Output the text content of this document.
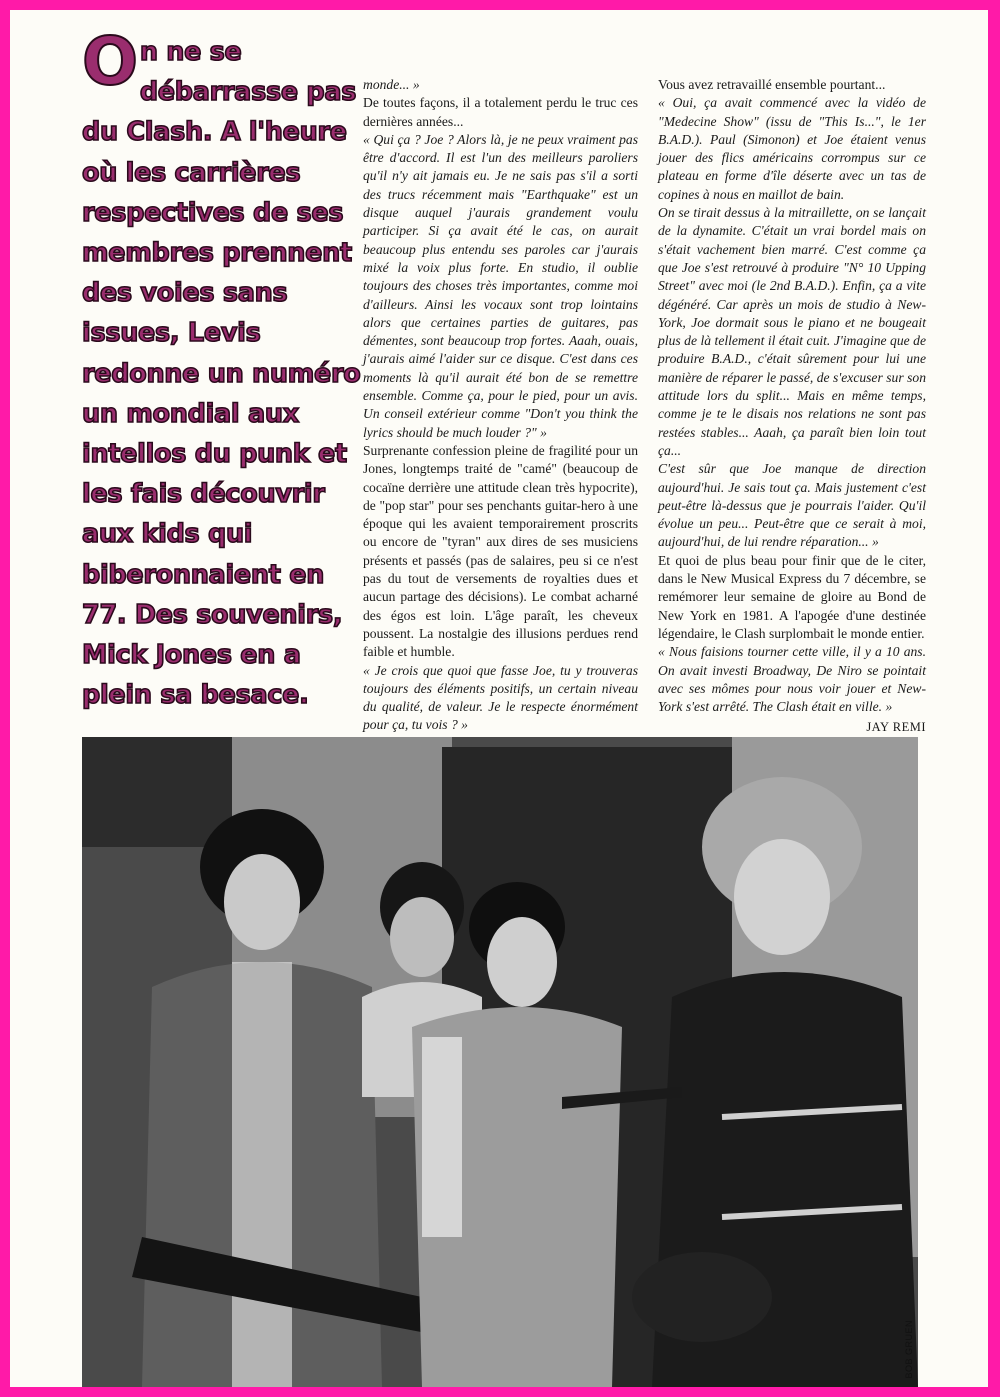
On ne se débarrasse pas du Clash. A l'heure où les carrières respectives de ses membres prennent des voies sans issues, Levis redonne un numéro un mondial aux intellos du punk et les fais découvrir aux kids qui biberonnaient en 77. Des souvenirs, Mick Jones en a plein sa besace.

monde... »

De toutes façons, il a totalement perdu le truc ces dernières années...

« Qui ça ? Joe ? Alors là, je ne peux vraiment pas être d'accord. Il est l'un des meilleurs paroliers qu'il n'y ait jamais eu. Je ne sais pas s'il a sorti des trucs récemment mais "Earthquake" est un disque auquel j'aurais grandement voulu participer. Si ça avait été le cas, on aurait beaucoup plus entendu ses paroles car j'aurais mixé la voix plus forte. En studio, il oublie toujours des choses très importantes, comme moi d'ailleurs. Ainsi les vocaux sont trop lointains alors que certaines parties de guitares, pas démentes, sont beaucoup trop fortes. Aaah, ouais, j'aurais aimé l'aider sur ce disque. C'est dans ces moments là qu'il aurait été bon de se remettre ensemble. Comme ça, pour le pied, pour un avis. Un conseil extérieur comme "Don't you think the lyrics should be much louder ?" »

Surprenante confession pleine de fragilité pour un Jones, longtemps traité de "camé" (beaucoup de cocaïne derrière une attitude clean très hypocrite), de "pop star" pour ses penchants guitar-hero à une époque qui les avaient temporairement proscrits ou encore de "tyran" aux dires de ses musiciens présents et passés (pas de salaires, peu si ce n'est pas du tout de versements de royalties dues et aucun partage des décisions). Le combat acharné des égos est loin. L'âge paraît, les cheveux poussent. La nostalgie des illusions perdues rend faible et humble.

« Je crois que quoi que fasse Joe, tu y trouveras toujours des éléments positifs, un certain niveau du qualité, de valeur. Je le respecte énormément pour ça, tu vois ? »

Vous avez retravaillé ensemble pourtant...

« Oui, ça avait commencé avec la vidéo de "Medecine Show" (issu de "This Is...", le 1er B.A.D.). Paul (Simonon) et Joe étaient venus jouer des flics américains corrompus sur ce plateau en forme d'île déserte avec un tas de copines à nous en maillot de bain.

On se tirait dessus à la mitraillette, on se lançait de la dynamite. C'était un vrai bordel mais on s'était vachement bien marré. C'est comme ça que Joe s'est retrouvé à produire "N° 10 Upping Street" avec moi (le 2nd B.A.D.). Enfin, ça a vite dégénéré. Car après un mois de studio à New-York, Joe dormait sous le piano et ne bougeait plus de là tellement il était cuit. J'imagine que de produire B.A.D., c'était sûrement pour lui une manière de réparer le passé, de s'excuser sur son attitude lors du split... Mais en même temps, comme je te le disais nos relations ne sont pas restées stables... Aaah, ça paraît bien loin tout ça...

C'est sûr que Joe manque de direction aujourd'hui. Je sais tout ça. Mais justement c'est peut-être là-dessus que je pourrais l'aider. Qu'il évolue un peu... Peut-être que ce serait à moi, aujourd'hui, de lui rendre réparation... »

Et quoi de plus beau pour finir que de le citer, dans le New Musical Express du 7 décembre, se remémorer leur semaine de gloire au Bond de New York en 1981. A l'apogée d'une destinée légendaire, le Clash surplombait le monde entier.

« Nous faisions tourner cette ville, il y a 10 ans. On avait investi Broadway, De Niro se pointait avec ses mômes pour nous voir jouer et New-York s'est arrêté. The Clash était en ville. »

JAY REMI

BOB GRUEN
